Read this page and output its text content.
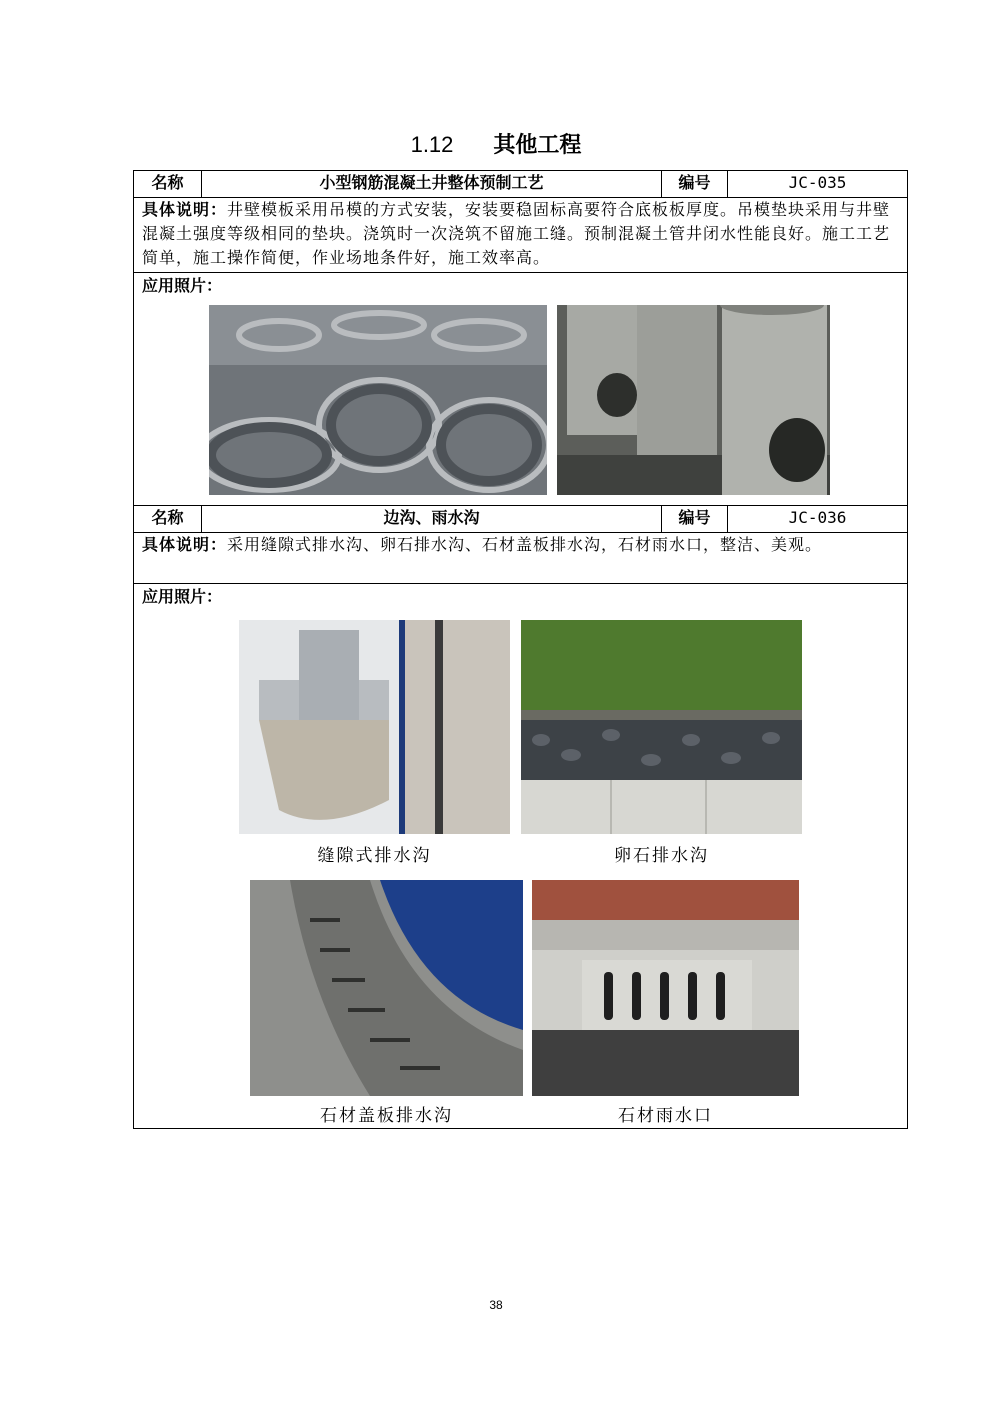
1.12 其他工程
名称	小型钢筋混凝土井整体预制工艺	编号	JC-035
具体说明：井壁模板采用吊模的方式安装，安装要稳固标高要符合底板板厚度。吊模垫块采用与井壁混凝土强度等级相同的垫块。浇筑时一次浇筑不留施工缝。预制混凝土管井闭水性能良好。施工工艺简单，施工操作简便，作业场地条件好，施工效率高。			

应用照片：			

名称	边沟、雨水沟	编号	JC-036
具体说明：采用缝隙式排水沟、卵石排水沟、石材盖板排水沟，石材雨水口，整洁、美观。			

应用照片：
缝隙式排水沟 卵石排水沟
石材盖板排水沟 石材雨水口			
38
